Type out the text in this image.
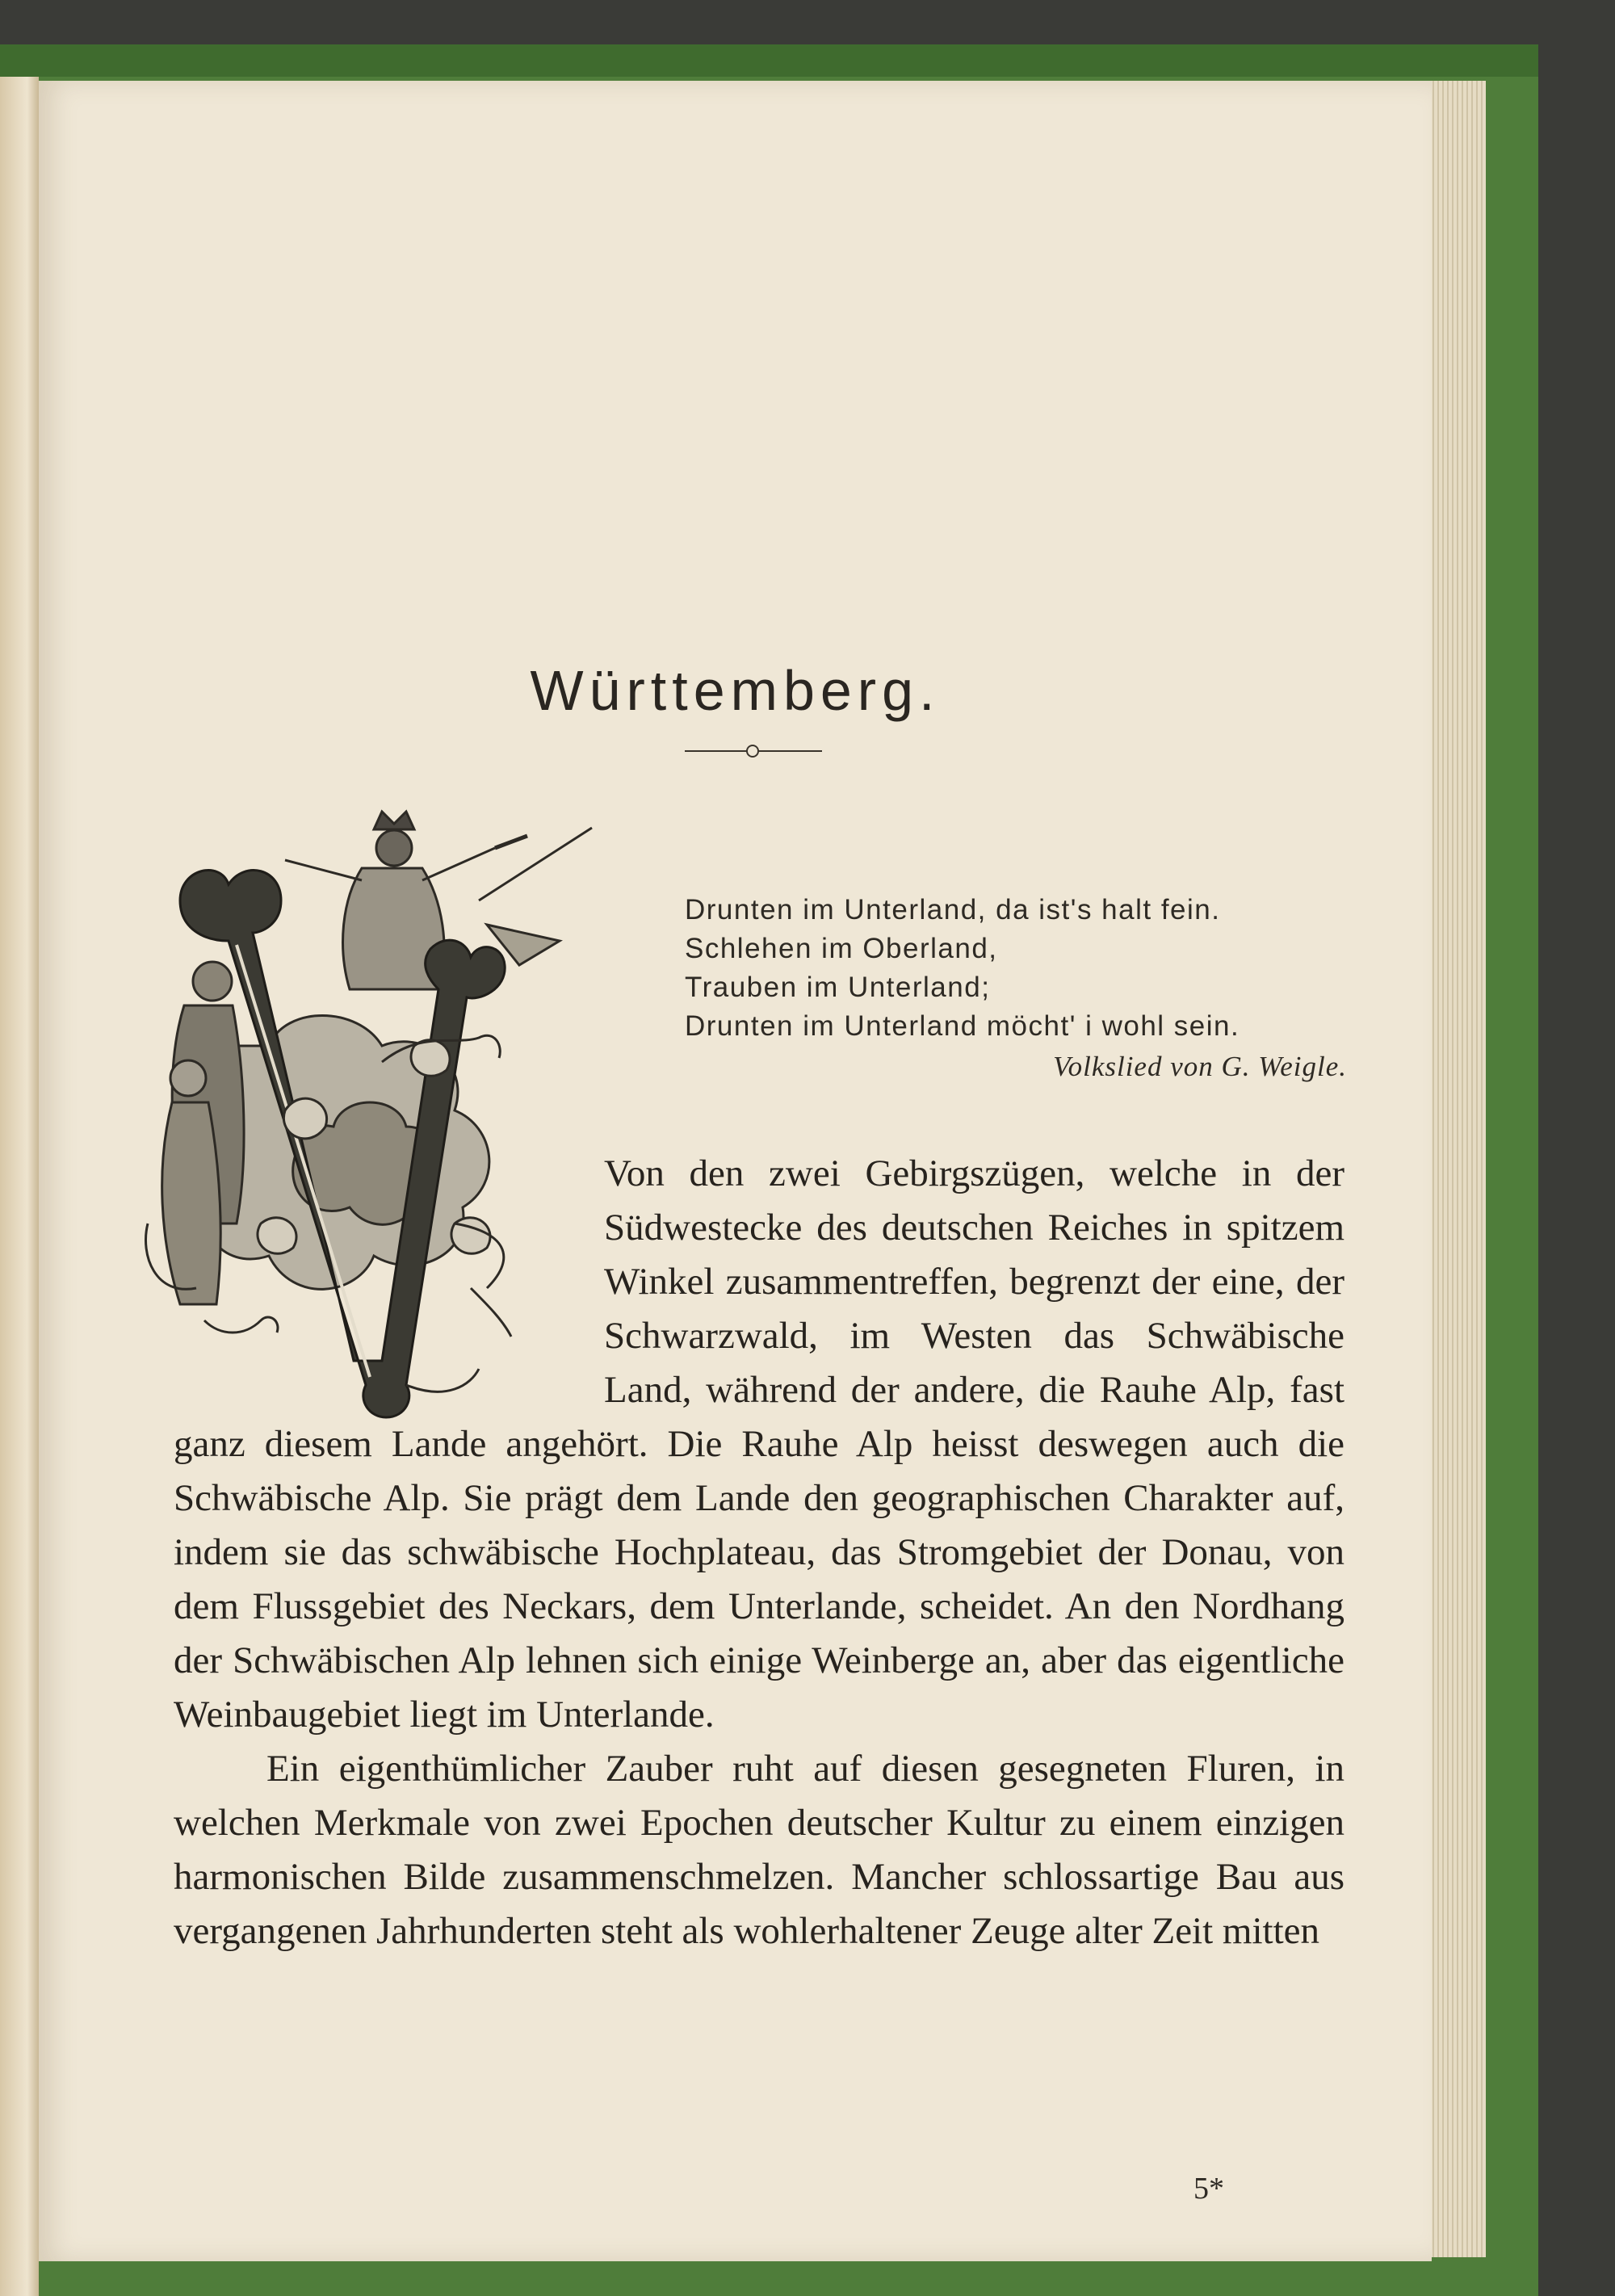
Württemberg.
Drunten im Unterland, da ist's halt fein.
Schlehen im Oberland,
Trauben im Unterland;
Drunten im Unterland möcht' i wohl sein.
Volkslied von G. Weigle.

Von den zwei Gebirgszügen, welche in der Südwestecke des deutschen Reiches in spitzem Winkel zusammentreffen, begrenzt der eine, der Schwarzwald, im Westen das Schwäbische Land, während der andere, die Rauhe Alp, fast ganz diesem Lande angehört. Die Rauhe Alp heisst deswegen auch die Schwäbische Alp. Sie prägt dem Lande den geographischen Charakter auf, indem sie das schwäbische Hochplateau, das Stromgebiet der Donau, von dem Flussgebiet des Neckars, dem Unterlande, scheidet. An den Nordhang der Schwäbischen Alp lehnen sich einige Weinberge an, aber das eigentliche Weinbaugebiet liegt im Unterlande.

Ein eigenthümlicher Zauber ruht auf diesen gesegneten Fluren, in welchen Merkmale von zwei Epochen deutscher Kultur zu einem einzigen harmonischen Bilde zusammenschmelzen. Mancher schlossartige Bau aus vergangenen Jahrhunderten steht als wohlerhaltener Zeuge alter Zeit mitten

5*
